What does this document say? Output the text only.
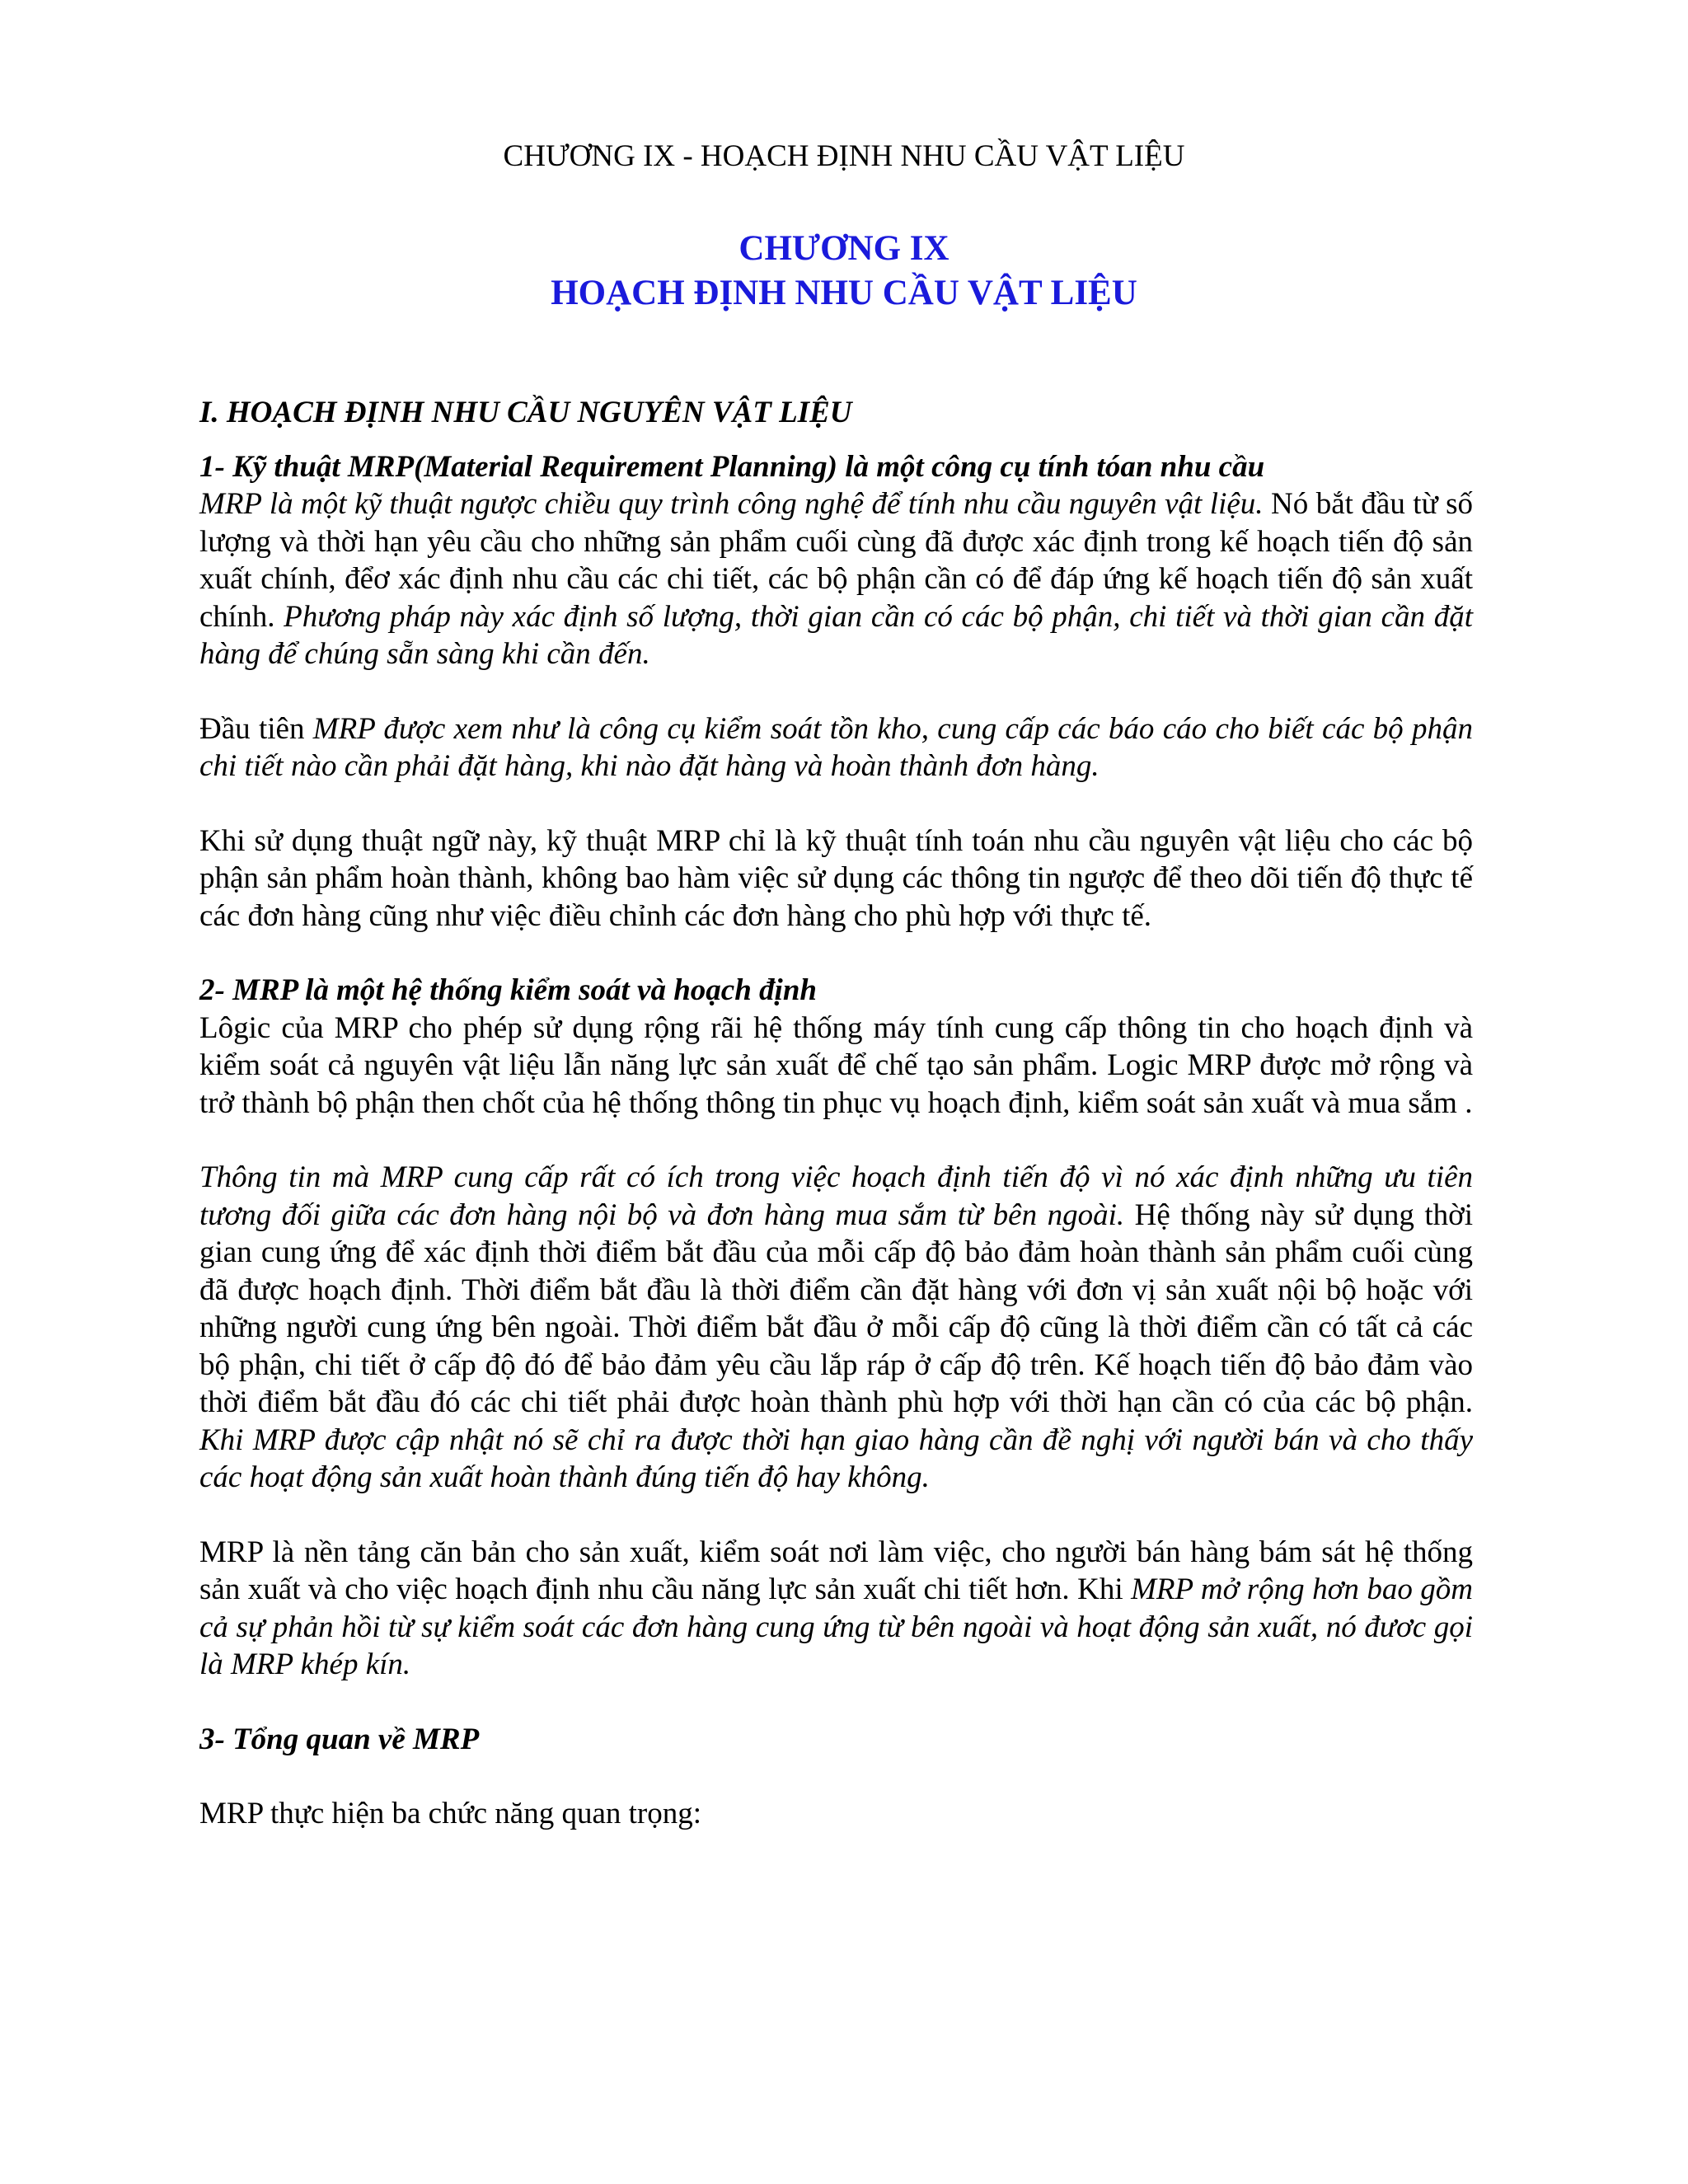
CHƯƠNG IX - HOẠCH ĐỊNH NHU CẦU VẬT LIỆU
CHƯƠNG IX
HOẠCH ĐỊNH NHU CẦU VẬT LIỆU

I. HOẠCH ĐỊNH NHU CẦU NGUYÊN VẬT LIỆU

1- Kỹ thuật MRP(Material Requirement Planning) là một công cụ tính tóan nhu cầu

MRP là một kỹ thuật ngược chiều quy trình công nghệ để tính nhu cầu nguyên vật liệu. Nó bắt đầu từ số lượng và thời hạn yêu cầu cho những sản phẩm cuối cùng đã được xác định trong kế hoạch tiến độ sản xuất chính, đểơ xác định nhu cầu các chi tiết, các bộ phận cần có để đáp ứng kế hoạch tiến độ sản xuất chính. Phương pháp này xác định số lượng, thời gian cần có các bộ phận, chi tiết và thời gian cần đặt hàng để chúng sẵn sàng khi cần đến.

Đầu tiên MRP được xem như là công cụ kiểm soát tồn kho, cung cấp các báo cáo cho biết các bộ phận chi tiết nào cần phải đặt hàng, khi nào đặt hàng và hoàn thành đơn hàng.

Khi sử dụng thuật ngữ này, kỹ thuật MRP chỉ là kỹ thuật tính toán nhu cầu nguyên vật liệu cho các bộ phận sản phẩm hoàn thành, không bao hàm việc sử dụng các thông tin ngược để theo dõi tiến độ thực tế các đơn hàng cũng như việc điều chỉnh các đơn hàng cho phù hợp với thực tế.

2- MRP là một hệ thống kiểm soát và hoạch định

Lôgic của MRP cho phép sử dụng rộng rãi hệ thống máy tính cung cấp thông tin cho hoạch định và kiểm soát cả nguyên vật liệu lẫn năng lực sản xuất để chế tạo sản phẩm. Logic MRP được mở rộng và trở thành bộ phận then chốt của hệ thống thông tin phục vụ hoạch định, kiểm soát sản xuất và mua sắm .

Thông tin mà MRP cung cấp rất có ích trong việc hoạch định tiến độ vì nó xác định những ưu tiên tương đối giữa các đơn hàng nội bộ và đơn hàng mua sắm từ bên ngoài. Hệ thống này sử dụng thời gian cung ứng để xác định thời điểm bắt đầu của mỗi cấp độ bảo đảm hoàn thành sản phẩm cuối cùng đã được hoạch định. Thời điểm bắt đầu là thời điểm cần đặt hàng với đơn vị sản xuất nội bộ hoặc với những người cung ứng bên ngoài. Thời điểm bắt đầu ở mỗi cấp độ cũng là thời điểm cần có tất cả các bộ phận, chi tiết ở cấp độ đó để bảo đảm yêu cầu lắp ráp ở cấp độ trên. Kế hoạch tiến độ bảo đảm vào thời điểm bắt đầu đó các chi tiết phải được hoàn thành phù hợp với thời hạn cần có của các bộ phận. Khi MRP được cập nhật nó sẽ chỉ ra được thời hạn giao hàng cần đề nghị với người bán và cho thấy các hoạt động sản xuất hoàn thành đúng tiến độ hay không.

MRP là nền tảng căn bản cho sản xuất, kiểm soát nơi làm việc, cho người bán hàng bám sát hệ thống sản xuất và cho việc hoạch định nhu cầu năng lực sản xuất chi tiết hơn. Khi MRP mở rộng hơn bao gồm cả sự phản hồi từ sự kiểm soát các đơn hàng cung ứng từ bên ngoài và hoạt động sản xuất, nó đươc gọi là MRP khép kín.

3- Tổng quan về MRP

MRP thực hiện ba chức năng quan trọng:
